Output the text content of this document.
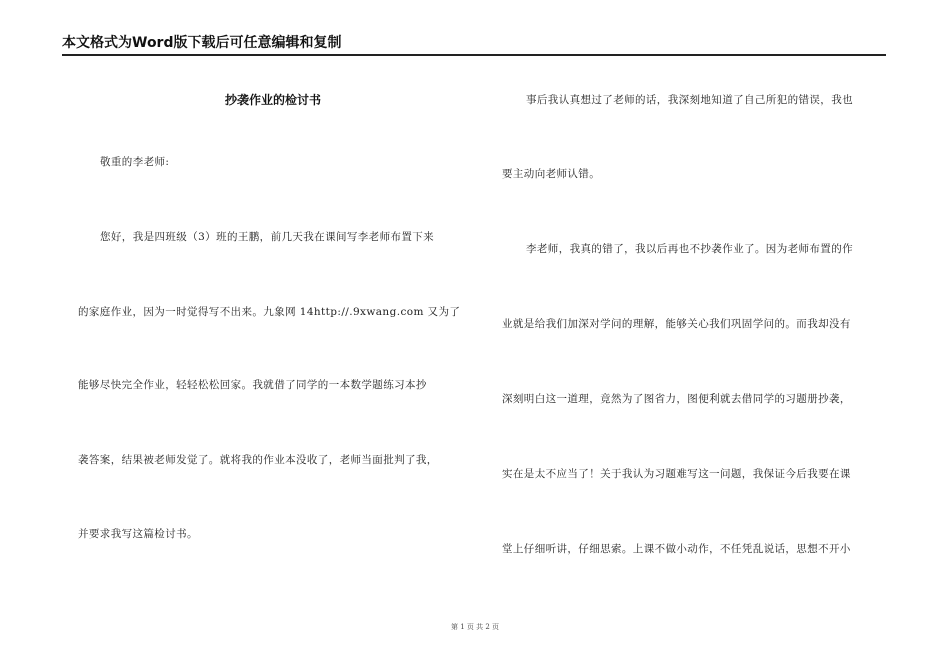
本文格式为Word版下载后可任意编辑和复制
抄袭作业的检讨书
敬重的李老师:
您好，我是四班级（3）班的王鹏，前几天我在课间写李老师布置下来
的家庭作业，因为一时觉得写不出来。九象网 14http://.9xwang.com 又为了
能够尽快完全作业，轻轻松松回家。我就借了同学的一本数学题练习本抄
袭答案，结果被老师发觉了。就将我的作业本没收了，老师当面批判了我，
并要求我写这篇检讨书。
事后我认真想过了老师的话，我深刻地知道了自己所犯的错误，我也
要主动向老师认错。
李老师，我真的错了，我以后再也不抄袭作业了。因为老师布置的作
业就是给我们加深对学问的理解，能够关心我们巩固学问的。而我却没有
深刻明白这一道理，竟然为了图省力，图便利就去借同学的习题册抄袭，
实在是太不应当了！关于我认为习题难写这一问题，我保证今后我要在课
堂上仔细听讲，仔细思索。上课不做小动作，不任凭乱说话，思想不开小
第 1 页 共 2 页
